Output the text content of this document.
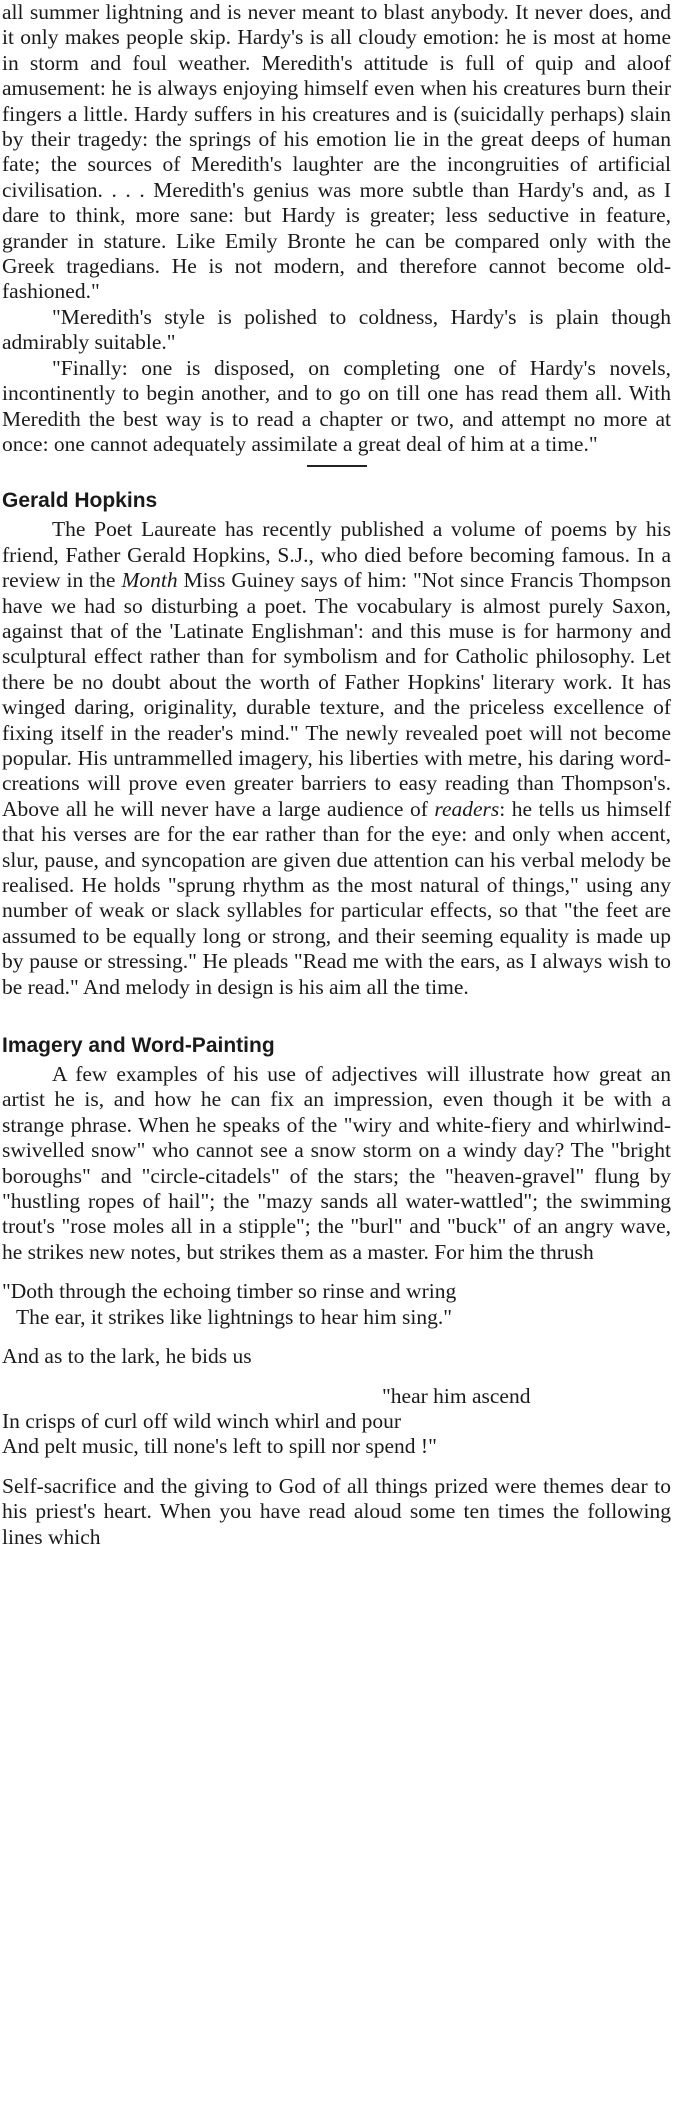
all summer lightning and is never meant to blast anybody. It never does, and it only makes people skip. Hardy's is all cloudy emotion: he is most at home in storm and foul weather. Meredith's attitude is full of quip and aloof amusement: he is always enjoying himself even when his creatures burn their fingers a little. Hardy suffers in his creatures and is (suicidally perhaps) slain by their tragedy: the springs of his emotion lie in the great deeps of human fate; the sources of Meredith's laughter are the incongruities of artificial civilisation. . . . Meredith's genius was more subtle than Hardy's and, as I dare to think, more sane: but Hardy is greater; less seductive in feature, grander in stature. Like Emily Bronte he can be compared only with the Greek tragedians. He is not modern, and therefore cannot become old-fashioned."

"Meredith's style is polished to coldness, Hardy's is plain though admirably suitable."

"Finally: one is disposed, on completing one of Hardy's novels, incontinently to begin another, and to go on till one has read them all. With Meredith the best way is to read a chapter or two, and attempt no more at once: one cannot adequately assimilate a great deal of him at a time."

Gerald Hopkins

The Poet Laureate has recently published a volume of poems by his friend, Father Gerald Hopkins, S.J., who died before becoming famous. In a review in the Month Miss Guiney says of him: "Not since Francis Thompson have we had so disturbing a poet. The vocabulary is almost purely Saxon, against that of the 'Latinate Englishman': and this muse is for harmony and sculptural effect rather than for symbolism and for Catholic philosophy. Let there be no doubt about the worth of Father Hopkins' literary work. It has winged daring, originality, durable texture, and the priceless excellence of fixing itself in the reader's mind." The newly revealed poet will not become popular. His untrammelled imagery, his liberties with metre, his daring word-creations will prove even greater barriers to easy reading than Thompson's. Above all he will never have a large audience of readers: he tells us himself that his verses are for the ear rather than for the eye: and only when accent, slur, pause, and syncopation are given due attention can his verbal melody be realised. He holds "sprung rhythm as the most natural of things," using any number of weak or slack syllables for particular effects, so that "the feet are assumed to be equally long or strong, and their seeming equality is made up by pause or stressing." He pleads "Read me with the ears, as I always wish to be read." And melody in design is his aim all the time.

Imagery and Word-Painting

A few examples of his use of adjectives will illustrate how great an artist he is, and how he can fix an impression, even though it be with a strange phrase. When he speaks of the "wiry and white-fiery and whirlwind-swivelled snow" who cannot see a snow storm on a windy day? The "bright boroughs" and "circle-citadels" of the stars; the "heaven-gravel" flung by "hustling ropes of hail"; the "mazy sands all water-wattled"; the swimming trout's "rose moles all in a stipple"; the "burl" and "buck" of an angry wave, he strikes new notes, but strikes them as a master. For him the thrush

"Doth through the echoing timber so rinse and wring
The ear, it strikes like lightnings to hear him sing."

And as to the lark, he bids us

"hear him ascend
In crisps of curl off wild winch whirl and pour
And pelt music, till none's left to spill nor spend !"

Self-sacrifice and the giving to God of all things prized were themes dear to his priest's heart. When you have read aloud some ten times the following lines which
